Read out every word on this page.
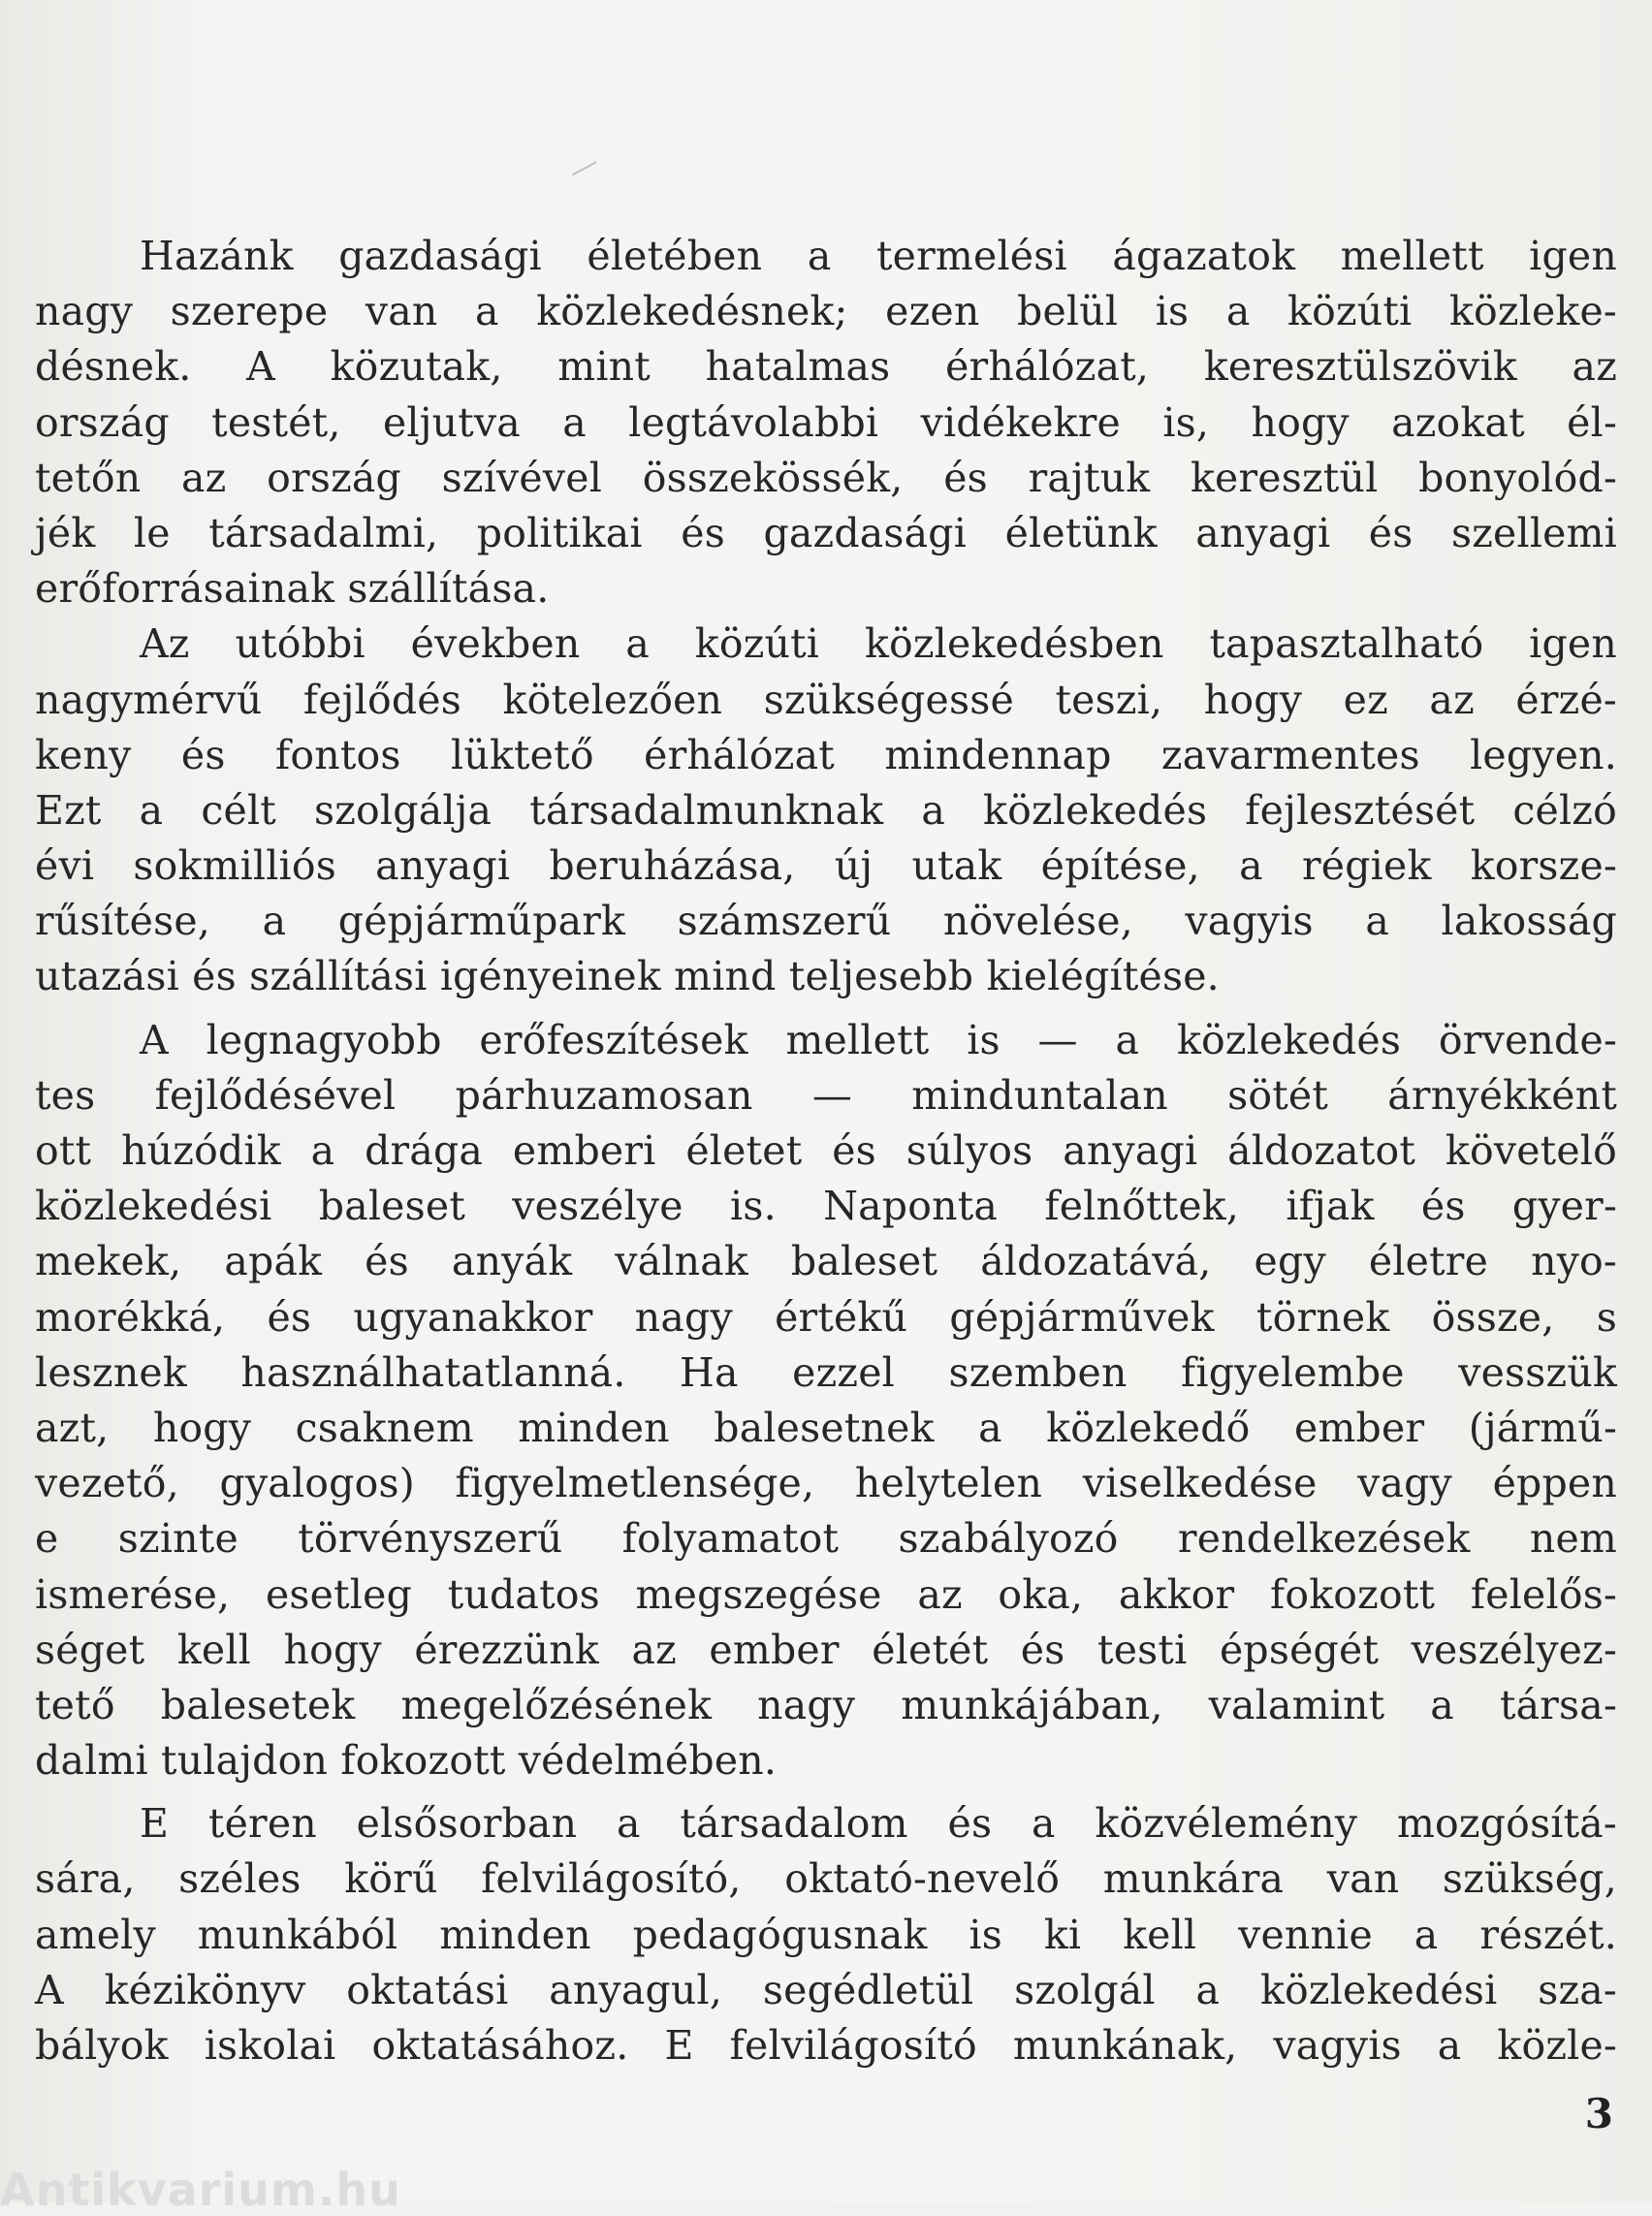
Hazánk gazdasági életében a termelési ágazatok mellett igen
nagy szerepe van a közlekedésnek; ezen belül is a közúti közleke-
désnek. A közutak, mint hatalmas érhálózat, keresztülszövik az
ország testét, eljutva a legtávolabbi vidékekre is, hogy azokat él-
tetőn az ország szívével összekössék, és rajtuk keresztül bonyolód-
jék le társadalmi, politikai és gazdasági életünk anyagi és szellemi
erőforrásainak szállítása.

Az utóbbi években a közúti közlekedésben tapasztalható igen
nagymérvű fejlődés kötelezően szükségessé teszi, hogy ez az érzé-
keny és fontos lüktető érhálózat mindennap zavarmentes legyen.
Ezt a célt szolgálja társadalmunknak a közlekedés fejlesztését célzó
évi sokmilliós anyagi beruházása, új utak építése, a régiek korsze-
rűsítése, a gépjárműpark számszerű növelése, vagyis a lakosság
utazási és szállítási igényeinek mind teljesebb kielégítése.

A legnagyobb erőfeszítések mellett is — a közlekedés örvende-
tes fejlődésével párhuzamosan — minduntalan sötét árnyékként
ott húzódik a drága emberi életet és súlyos anyagi áldozatot követelő
közlekedési baleset veszélye is. Naponta felnőttek, ifjak és gyer-
mekek, apák és anyák válnak baleset áldozatává, egy életre nyo-
morékká, és ugyanakkor nagy értékű gépjárművek törnek össze, s
lesznek használhatatlanná. Ha ezzel szemben figyelembe vesszük
azt, hogy csaknem minden balesetnek a közlekedő ember (jármű-
vezető, gyalogos) figyelmetlensége, helytelen viselkedése vagy éppen
e szinte törvényszerű folyamatot szabályozó rendelkezések nem
ismerése, esetleg tudatos megszegése az oka, akkor fokozott felelős-
séget kell hogy érezzünk az ember életét és testi épségét veszélyez-
tető balesetek megelőzésének nagy munkájában, valamint a társa-
dalmi tulajdon fokozott védelmében.

E téren elsősorban a társadalom és a közvélemény mozgósítá-
sára, széles körű felvilágosító, oktató-nevelő munkára van szükség,
amely munkából minden pedagógusnak is ki kell vennie a részét.
A kézikönyv oktatási anyagul, segédletül szolgál a közlekedési sza-
bályok iskolai oktatásához. E felvilágosító munkának, vagyis a közle-

3
Antikvarium.hu
